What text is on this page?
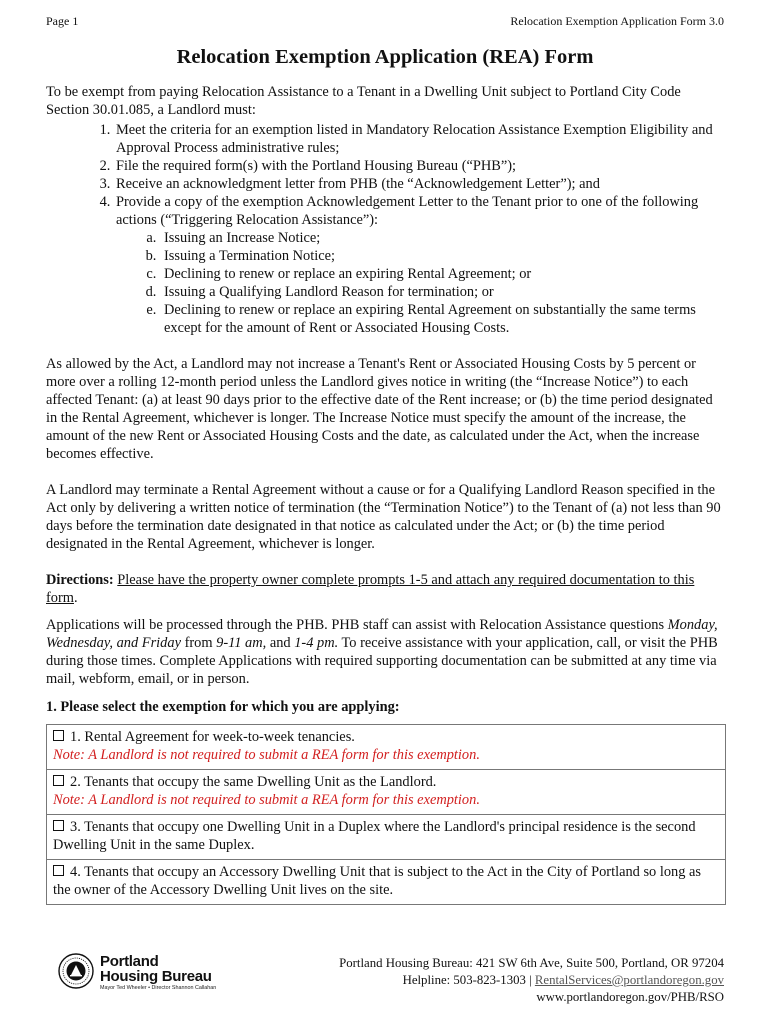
Page 1	Relocation Exemption Application Form 3.0
Relocation Exemption Application (REA) Form

To be exempt from paying Relocation Assistance to a Tenant in a Dwelling Unit subject to Portland City Code Section 30.01.085, a Landlord must:

1. Meet the criteria for an exemption listed in Mandatory Relocation Assistance Exemption Eligibility and Approval Process administrative rules;
2. File the required form(s) with the Portland Housing Bureau (“PHB”);
3. Receive an acknowledgment letter from PHB (the “Acknowledgement Letter”); and
4. Provide a copy of the exemption Acknowledgement Letter to the Tenant prior to one of the following actions (“Triggering Relocation Assistance”):
a. Issuing an Increase Notice;
b. Issuing a Termination Notice;
c. Declining to renew or replace an expiring Rental Agreement; or
d. Issuing a Qualifying Landlord Reason for termination; or
e. Declining to renew or replace an expiring Rental Agreement on substantially the same terms except for the amount of Rent or Associated Housing Costs.

As allowed by the Act, a Landlord may not increase a Tenant's Rent or Associated Housing Costs by 5 percent or more over a rolling 12-month period unless the Landlord gives notice in writing (the “Increase Notice”) to each affected Tenant: (a) at least 90 days prior to the effective date of the Rent increase; or (b) the time period designated in the Rental Agreement, whichever is longer. The Increase Notice must specify the amount of the increase, the amount of the new Rent or Associated Housing Costs and the date, as calculated under the Act, when the increase becomes effective.

A Landlord may terminate a Rental Agreement without a cause or for a Qualifying Landlord Reason specified in the Act only by delivering a written notice of termination (the “Termination Notice”) to the Tenant of (a) not less than 90 days before the termination date designated in that notice as calculated under the Act; or (b) the time period designated in the Rental Agreement, whichever is longer.

Directions: Please have the property owner complete prompts 1-5 and attach any required documentation to this form.

Applications will be processed through the PHB. PHB staff can assist with Relocation Assistance questions Monday, Wednesday, and Friday from 9-11 am, and 1-4 pm. To receive assistance with your application, call, or visit the PHB during those times. Complete Applications with required supporting documentation can be submitted at any time via mail, webform, email, or in person.

1. Please select the exemption for which you are applying:

1. Rental Agreement for week-to-week tenancies.
Note: A Landlord is not required to submit a REA form for this exemption.
2. Tenants that occupy the same Dwelling Unit as the Landlord.
Note: A Landlord is not required to submit a REA form for this exemption.
3. Tenants that occupy one Dwelling Unit in a Duplex where the Landlord's principal residence is the second Dwelling Unit in the same Duplex.
4. Tenants that occupy an Accessory Dwelling Unit that is subject to the Act in the City of Portland so long as the owner of the Accessory Dwelling Unit lives on the site.
Portland
Housing Bureau
Mayor Ted Wheeler • Director Shannon Callahan
Portland Housing Bureau: 421 SW 6th Ave, Suite 500, Portland, OR 97204
Helpline: 503-823-1303 | RentalServices@portlandoregon.gov
www.portlandoregon.gov/PHB/RSO
